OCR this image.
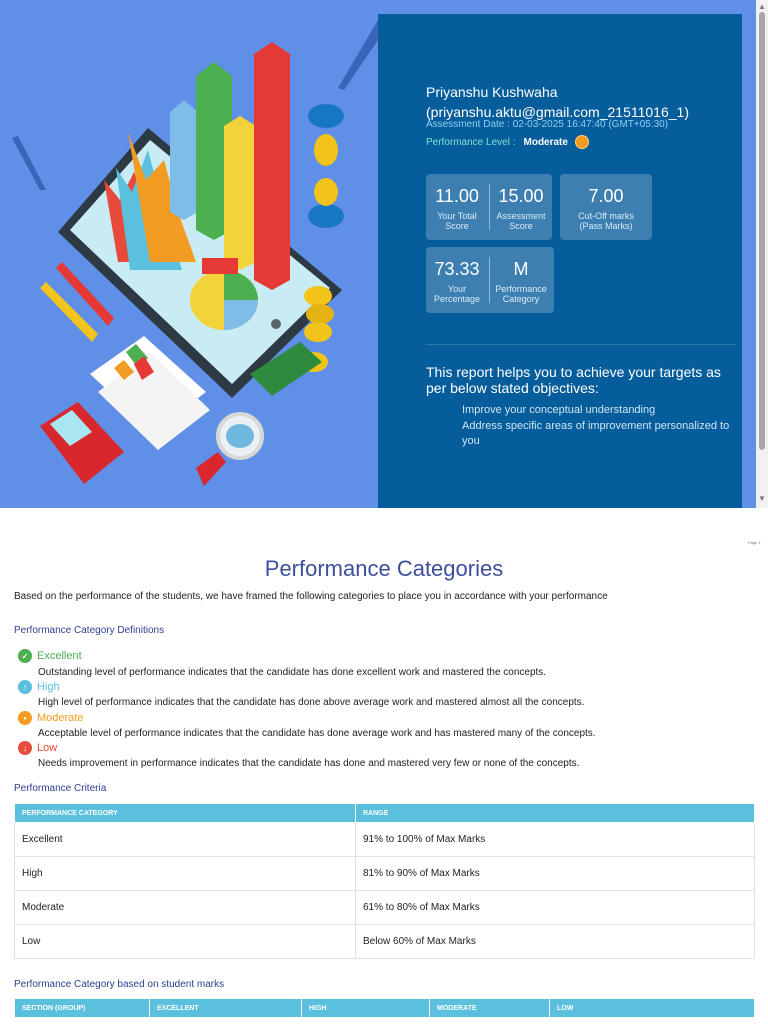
Priyanshu Kushwaha
(priyanshu.aktu@gmail.com_21511016_1)
Assessment Date : 02-03-2025 16:47:40 (GMT+05:30)
Performance Level : Moderate
11.00
Your Total Score
15.00
Assessment Score
7.00
Cut-Off marks (Pass Marks)
73.33
Your Percentage
M
Performance Category
This report helps you to achieve your targets as per below stated objectives:
Improve your conceptual understanding
Address specific areas of improvement personalized to you
▲
▼
Page 1
Performance Categories
Based on the performance of the students, we have framed the following categories to place you in accordance with your performance
Performance Category Definitions
✓ Excellent
Outstanding level of performance indicates that the candidate has done excellent work and mastered the concepts.
↑ High
High level of performance indicates that the candidate has done above average work and mastered almost all the concepts.
• Moderate
Acceptable level of performance indicates that the candidate has done average work and has mastered many of the concepts.
↓ Low
Needs improvement in performance indicates that the candidate has done and mastered very few or none of the concepts.
Performance Criteria
PERFORMANCE CATEGORY	RANGE
Excellent	91% to 100% of Max Marks
High	81% to 90% of Max Marks
Moderate	61% to 80% of Max Marks
Low	Below 60% of Max Marks
Performance Category based on student marks
SECTION (GROUP)	EXCELLENT	HIGH	MODERATE	LOW
